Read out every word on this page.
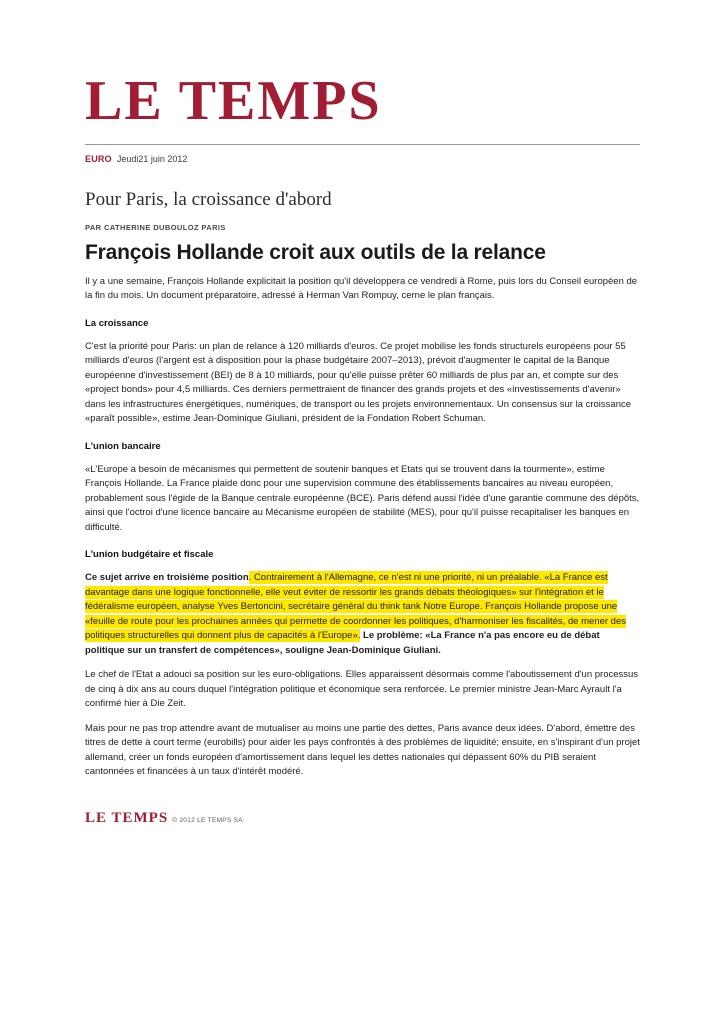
LE TEMPS
EURO Jeudi21 juin 2012
Pour Paris, la croissance d'abord
PAR CATHERINE DUBOULOZ PARIS
François Hollande croit aux outils de la relance

Il y a une semaine, François Hollande explicitait la position qu'il développera ce vendredi à Rome, puis lors du Conseil européen de la fin du mois. Un document préparatoire, adressé à Herman Van Rompuy, cerne le plan français.

La croissance

C'est la priorité pour Paris: un plan de relance à 120 milliards d'euros. Ce projet mobilise les fonds structurels européens pour 55 milliards d'euros (l'argent est à disposition pour la phase budgétaire 2007–2013), prévoit d'augmenter le capital de la Banque européenne d'investissement (BEI) de 8 à 10 milliards, pour qu'elle puisse prêter 60 milliards de plus par an, et compte sur des «project bonds» pour 4,5 milliards. Ces derniers permettraient de financer des grands projets et des «investissements d'avenir» dans les infrastructures énergétiques, numériques, de transport ou les projets environnementaux. Un consensus sur la croissance «paraît possible», estime Jean-Dominique Giuliani, président de la Fondation Robert Schuman.

L'union bancaire

«L'Europe a besoin de mécanismes qui permettent de soutenir banques et Etats qui se trouvent dans la tourmente», estime François Hollande. La France plaide donc pour une supervision commune des établissements bancaires au niveau européen, probablement sous l'égide de la Banque centrale européenne (BCE). Paris défend aussi l'idée d'une garantie commune des dépôts, ainsi que l'octroi d'une licence bancaire au Mécanisme européen de stabilité (MES), pour qu'il puisse recapitaliser les banques en difficulté.

L'union budgétaire et fiscale

Ce sujet arrive en troisième position. Contrairement à l'Allemagne, ce n'est ni une priorité, ni un préalable. «La France est davantage dans une logique fonctionnelle, elle veut éviter de ressortir les grands débats théologiques» sur l'intégration et le fédéralisme européen, analyse Yves Bertoncini, secrétaire général du think tank Notre Europe. François Hollande propose une «feuille de route pour les prochaines années qui permette de coordonner les politiques, d'harmoniser les fiscalités, de mener des politiques structurelles qui donnent plus de capacités à l'Europe». Le problème: «La France n'a pas encore eu de débat politique sur un transfert de compétences», souligne Jean-Dominique Giuliani.

Le chef de l'Etat a adouci sa position sur les euro-obligations. Elles apparaissent désormais comme l'aboutissement d'un processus de cinq à dix ans au cours duquel l'intégration politique et économique sera renforcée. Le premier ministre Jean-Marc Ayrault l'a confirmé hier à Die Zeit.

Mais pour ne pas trop attendre avant de mutualiser au moins une partie des dettes, Paris avance deux idées. D'abord, émettre des titres de dette à court terme (eurobills) pour aider les pays confrontés à des problèmes de liquidité; ensuite, en s'inspirant d'un projet allemand, créer un fonds européen d'amortissement dans lequel les dettes nationales qui dépassent 60% du PIB seraient cantonnées et financées à un taux d'intérêt modéré.

LE TEMPS © 2012 LE TEMPS SA
